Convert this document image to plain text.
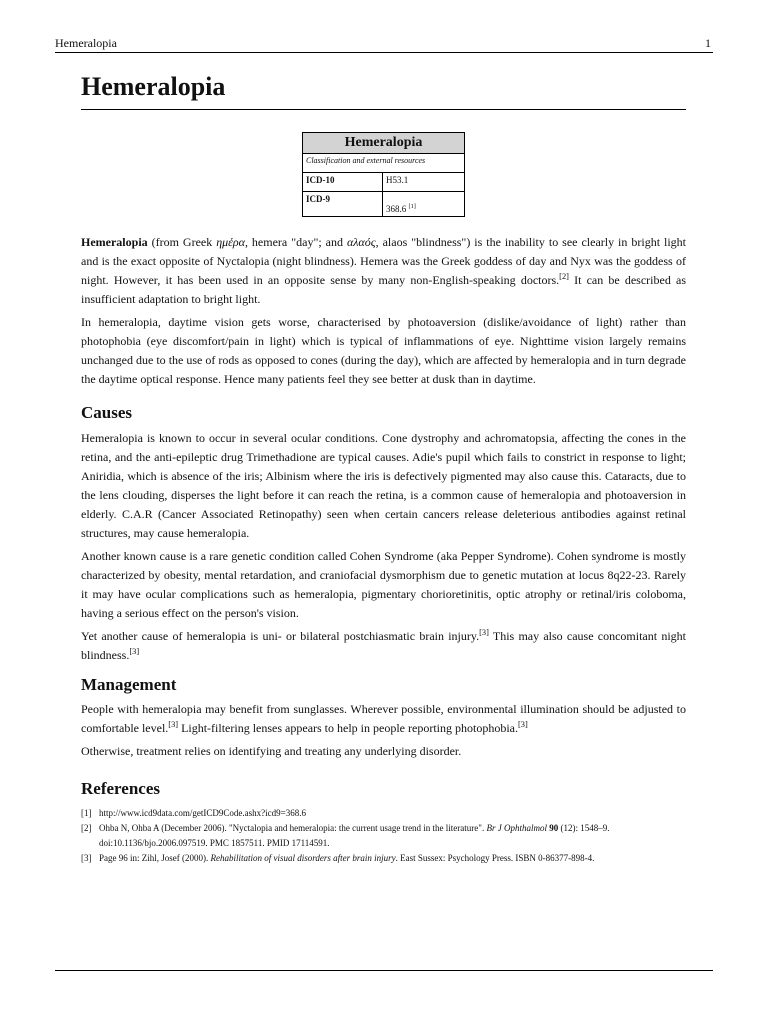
Hemeralopia	1
Hemeralopia
Hemeralopia	
Classification and external resources	
ICD-10	H53.1
ICD-9	368.6 [1]

Hemeralopia (from Greek ημέρα, hemera "day"; and αλαός, alaos "blindness") is the inability to see clearly in bright light and is the exact opposite of Nyctalopia (night blindness). Hemera was the Greek goddess of day and Nyx was the goddess of night. However, it has been used in an opposite sense by many non-English-speaking doctors.[2] It can be described as insufficient adaptation to bright light.

In hemeralopia, daytime vision gets worse, characterised by photoaversion (dislike/avoidance of light) rather than photophobia (eye discomfort/pain in light) which is typical of inflammations of eye. Nighttime vision largely remains unchanged due to the use of rods as opposed to cones (during the day), which are affected by hemeralopia and in turn degrade the daytime optical response. Hence many patients feel they see better at dusk than in daytime.

Causes

Hemeralopia is known to occur in several ocular conditions. Cone dystrophy and achromatopsia, affecting the cones in the retina, and the anti-epileptic drug Trimethadione are typical causes. Adie's pupil which fails to constrict in response to light; Aniridia, which is absence of the iris; Albinism where the iris is defectively pigmented may also cause this. Cataracts, due to the lens clouding, disperses the light before it can reach the retina, is a common cause of hemeralopia and photoaversion in elderly. C.A.R (Cancer Associated Retinopathy) seen when certain cancers release deleterious antibodies against retinal structures, may cause hemeralopia.

Another known cause is a rare genetic condition called Cohen Syndrome (aka Pepper Syndrome). Cohen syndrome is mostly characterized by obesity, mental retardation, and craniofacial dysmorphism due to genetic mutation at locus 8q22-23. Rarely it may have ocular complications such as hemeralopia, pigmentary chorioretinitis, optic atrophy or retinal/iris coloboma, having a serious effect on the person's vision.

Yet another cause of hemeralopia is uni- or bilateral postchiasmatic brain injury.[3] This may also cause concomitant night blindness.[3]

Management

People with hemeralopia may benefit from sunglasses. Wherever possible, environmental illumination should be adjusted to comfortable level.[3] Light-filtering lenses appears to help in people reporting photophobia.[3]

Otherwise, treatment relies on identifying and treating any underlying disorder.

References
[1] http://www.icd9data.com/getICD9Code.ashx?icd9=368.6
[2] Ohba N, Ohba A (December 2006). "Nyctalopia and hemeralopia: the current usage trend in the literature". Br J Ophthalmol 90 (12): 1548–9. doi:10.1136/bjo.2006.097519. PMC 1857511. PMID 17114591.
[3] Page 96 in: Zihl, Josef (2000). Rehabilitation of visual disorders after brain injury. East Sussex: Psychology Press. ISBN 0-86377-898-4.
